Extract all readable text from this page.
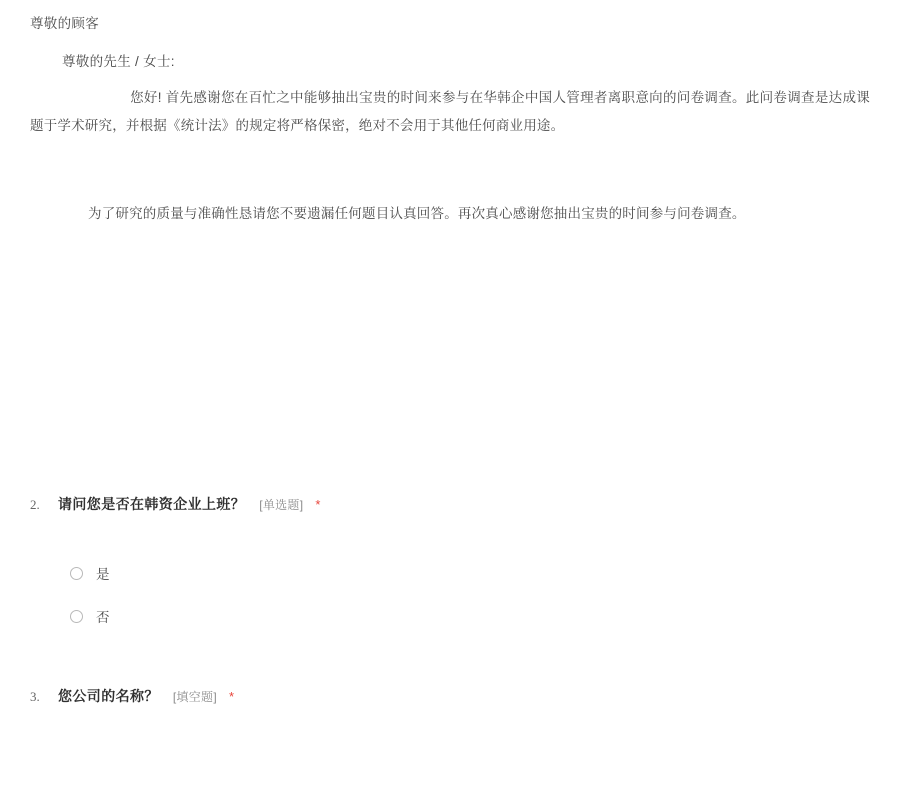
尊敬的顾客

尊敬的先生 / 女士:

您好! 首先感谢您在百忙之中能够抽出宝贵的时间来参与在华韩企中国人管理者离职意向的问卷调查。此问卷调查是达成课题于学术研究，并根据《统计法》的规定将严格保密，绝对不会用于其他任何商业用途。

为了研究的质量与准确性恳请您不要遗漏任何题目认真回答。再次真心感谢您抽出宝贵的时间参与问卷调查。

2.	请问您是否在韩资企业上班？ [单选题] *
是
否
3.	您公司的名称？ [填空题] *
